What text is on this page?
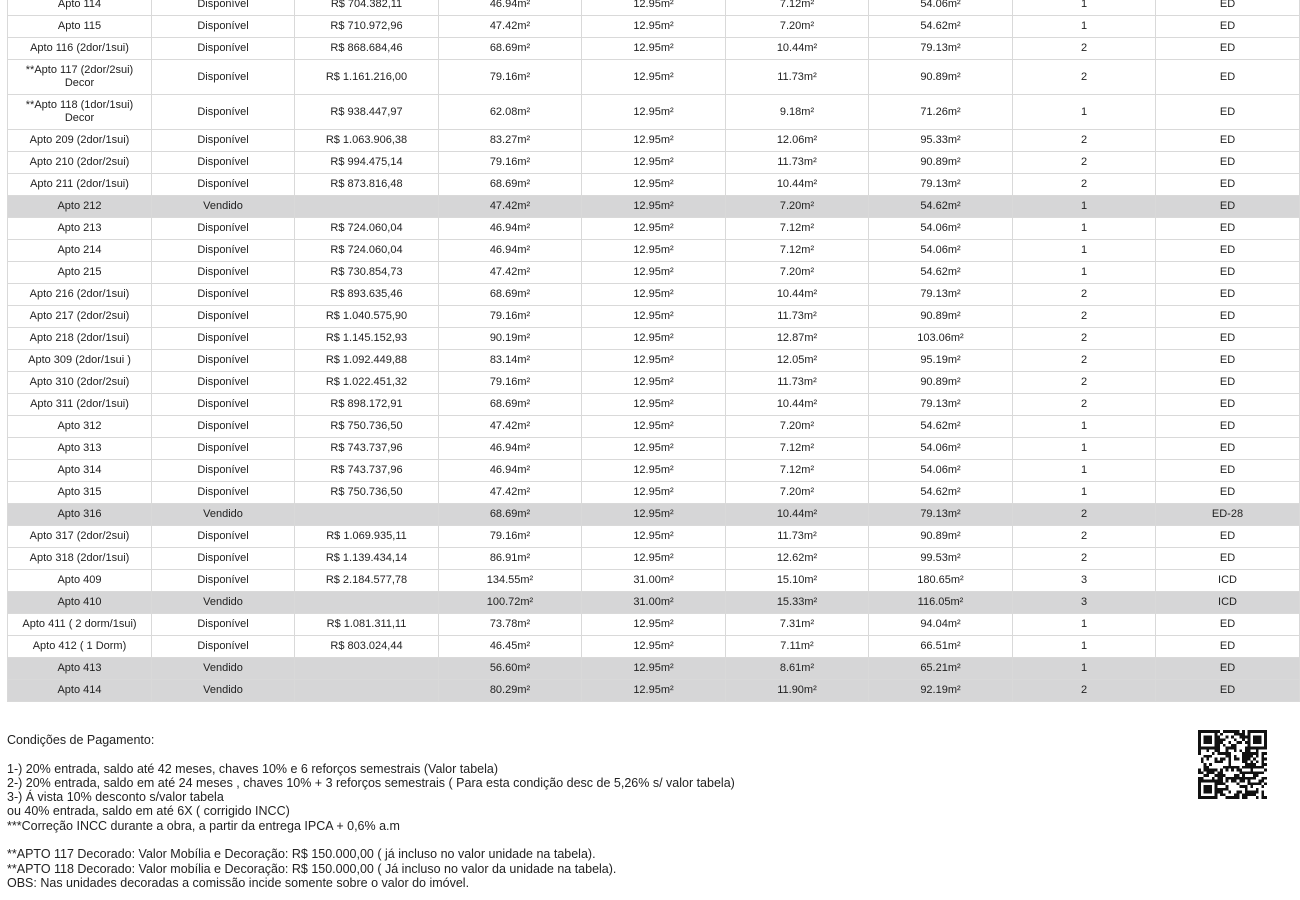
Apto 114	Disponível	R$ 704.382,11	46.94m²	12.95m²	7.12m²	54.06m²	1	ED
Apto 115	Disponível	R$ 710.972,96	47.42m²	12.95m²	7.20m²	54.62m²	1	ED
Apto 116 (2dor/1sui)	Disponível	R$ 868.684,46	68.69m²	12.95m²	10.44m²	79.13m²	2	ED
**Apto 117 (2dor/2sui)
Decor	Disponível	R$ 1.161.216,00	79.16m²	12.95m²	11.73m²	90.89m²	2	ED
**Apto 118 (1dor/1sui)
Decor	Disponível	R$ 938.447,97	62.08m²	12.95m²	9.18m²	71.26m²	1	ED
Apto 209 (2dor/1sui)	Disponível	R$ 1.063.906,38	83.27m²	12.95m²	12.06m²	95.33m²	2	ED
Apto 210 (2dor/2sui)	Disponível	R$ 994.475,14	79.16m²	12.95m²	11.73m²	90.89m²	2	ED
Apto 211 (2dor/1sui)	Disponível	R$ 873.816,48	68.69m²	12.95m²	10.44m²	79.13m²	2	ED
Apto 212	Vendido		47.42m²	12.95m²	7.20m²	54.62m²	1	ED
Apto 213	Disponível	R$ 724.060,04	46.94m²	12.95m²	7.12m²	54.06m²	1	ED
Apto 214	Disponível	R$ 724.060,04	46.94m²	12.95m²	7.12m²	54.06m²	1	ED
Apto 215	Disponível	R$ 730.854,73	47.42m²	12.95m²	7.20m²	54.62m²	1	ED
Apto 216 (2dor/1sui)	Disponível	R$ 893.635,46	68.69m²	12.95m²	10.44m²	79.13m²	2	ED
Apto 217 (2dor/2sui)	Disponível	R$ 1.040.575,90	79.16m²	12.95m²	11.73m²	90.89m²	2	ED
Apto 218 (2dor/1sui)	Disponível	R$ 1.145.152,93	90.19m²	12.95m²	12.87m²	103.06m²	2	ED
Apto 309 (2dor/1sui )	Disponível	R$ 1.092.449,88	83.14m²	12.95m²	12.05m²	95.19m²	2	ED
Apto 310 (2dor/2sui)	Disponível	R$ 1.022.451,32	79.16m²	12.95m²	11.73m²	90.89m²	2	ED
Apto 311 (2dor/1sui)	Disponível	R$ 898.172,91	68.69m²	12.95m²	10.44m²	79.13m²	2	ED
Apto 312	Disponível	R$ 750.736,50	47.42m²	12.95m²	7.20m²	54.62m²	1	ED
Apto 313	Disponível	R$ 743.737,96	46.94m²	12.95m²	7.12m²	54.06m²	1	ED
Apto 314	Disponível	R$ 743.737,96	46.94m²	12.95m²	7.12m²	54.06m²	1	ED
Apto 315	Disponível	R$ 750.736,50	47.42m²	12.95m²	7.20m²	54.62m²	1	ED
Apto 316	Vendido		68.69m²	12.95m²	10.44m²	79.13m²	2	ED-28
Apto 317 (2dor/2sui)	Disponível	R$ 1.069.935,11	79.16m²	12.95m²	11.73m²	90.89m²	2	ED
Apto 318 (2dor/1sui)	Disponível	R$ 1.139.434,14	86.91m²	12.95m²	12.62m²	99.53m²	2	ED
Apto 409	Disponível	R$ 2.184.577,78	134.55m²	31.00m²	15.10m²	180.65m²	3	ICD
Apto 410	Vendido		100.72m²	31.00m²	15.33m²	116.05m²	3	ICD
Apto 411 ( 2 dorm/1sui)	Disponível	R$ 1.081.311,11	73.78m²	12.95m²	7.31m²	94.04m²	1	ED
Apto 412 ( 1 Dorm)	Disponível	R$ 803.024,44	46.45m²	12.95m²	7.11m²	66.51m²	1	ED
Apto 413	Vendido		56.60m²	12.95m²	8.61m²	65.21m²	1	ED
Apto 414	Vendido		80.29m²	12.95m²	11.90m²	92.19m²	2	ED
Condições de Pagamento:
1-) 20% entrada, saldo até 42 meses, chaves 10% e 6 reforços semestrais (Valor tabela)
2-) 20% entrada, saldo em até 24 meses , chaves 10% + 3 reforços semestrais ( Para esta condição desc de 5,26% s/ valor tabela)
3-) Á vista 10% desconto s/valor tabela
ou 40% entrada, saldo em até 6X ( corrigido INCC)
***Correção INCC durante a obra, a partir da entrega IPCA + 0,6% a.m
**APTO 117 Decorado: Valor Mobília e Decoração: R$ 150.000,00 ( já incluso no valor unidade na tabela).
**APTO 118 Decorado: Valor mobília e Decoração: R$ 150.000,00 ( Já incluso no valor da unidade na tabela).
OBS: Nas unidades decoradas a comissão incide somente sobre o valor do imóvel.
